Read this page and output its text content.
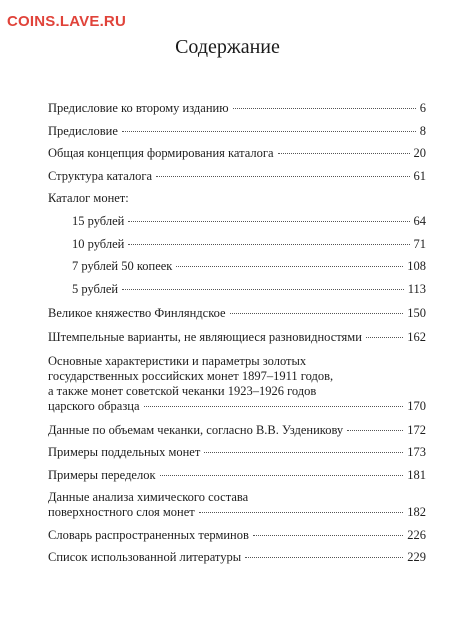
COINS.LAVE.RU
Содержание
Предисловие ко второму изданию	6
Предисловие	8
Общая концепция формирования каталога	20
Структура каталога	61
Каталог монет:
15 рублей	64
10 рублей	71
7 рублей 50 копеек	108
5 рублей	113
Великое княжество Финляндское	150
Штемпельные варианты, не являющиеся разновидностями	162
Основные характеристики и параметры золотых
государственных российских монет 1897–1911 годов,
а также монет советской чеканки 1923–1926 годов
царского образца	170
Данные по объемам чеканки, согласно В.В. Узденикову	172
Примеры поддельных монет	173
Примеры переделок	181
Данные анализа химического состава
поверхностного слоя монет	182
Словарь распространенных терминов	226
Список использованной литературы	229
